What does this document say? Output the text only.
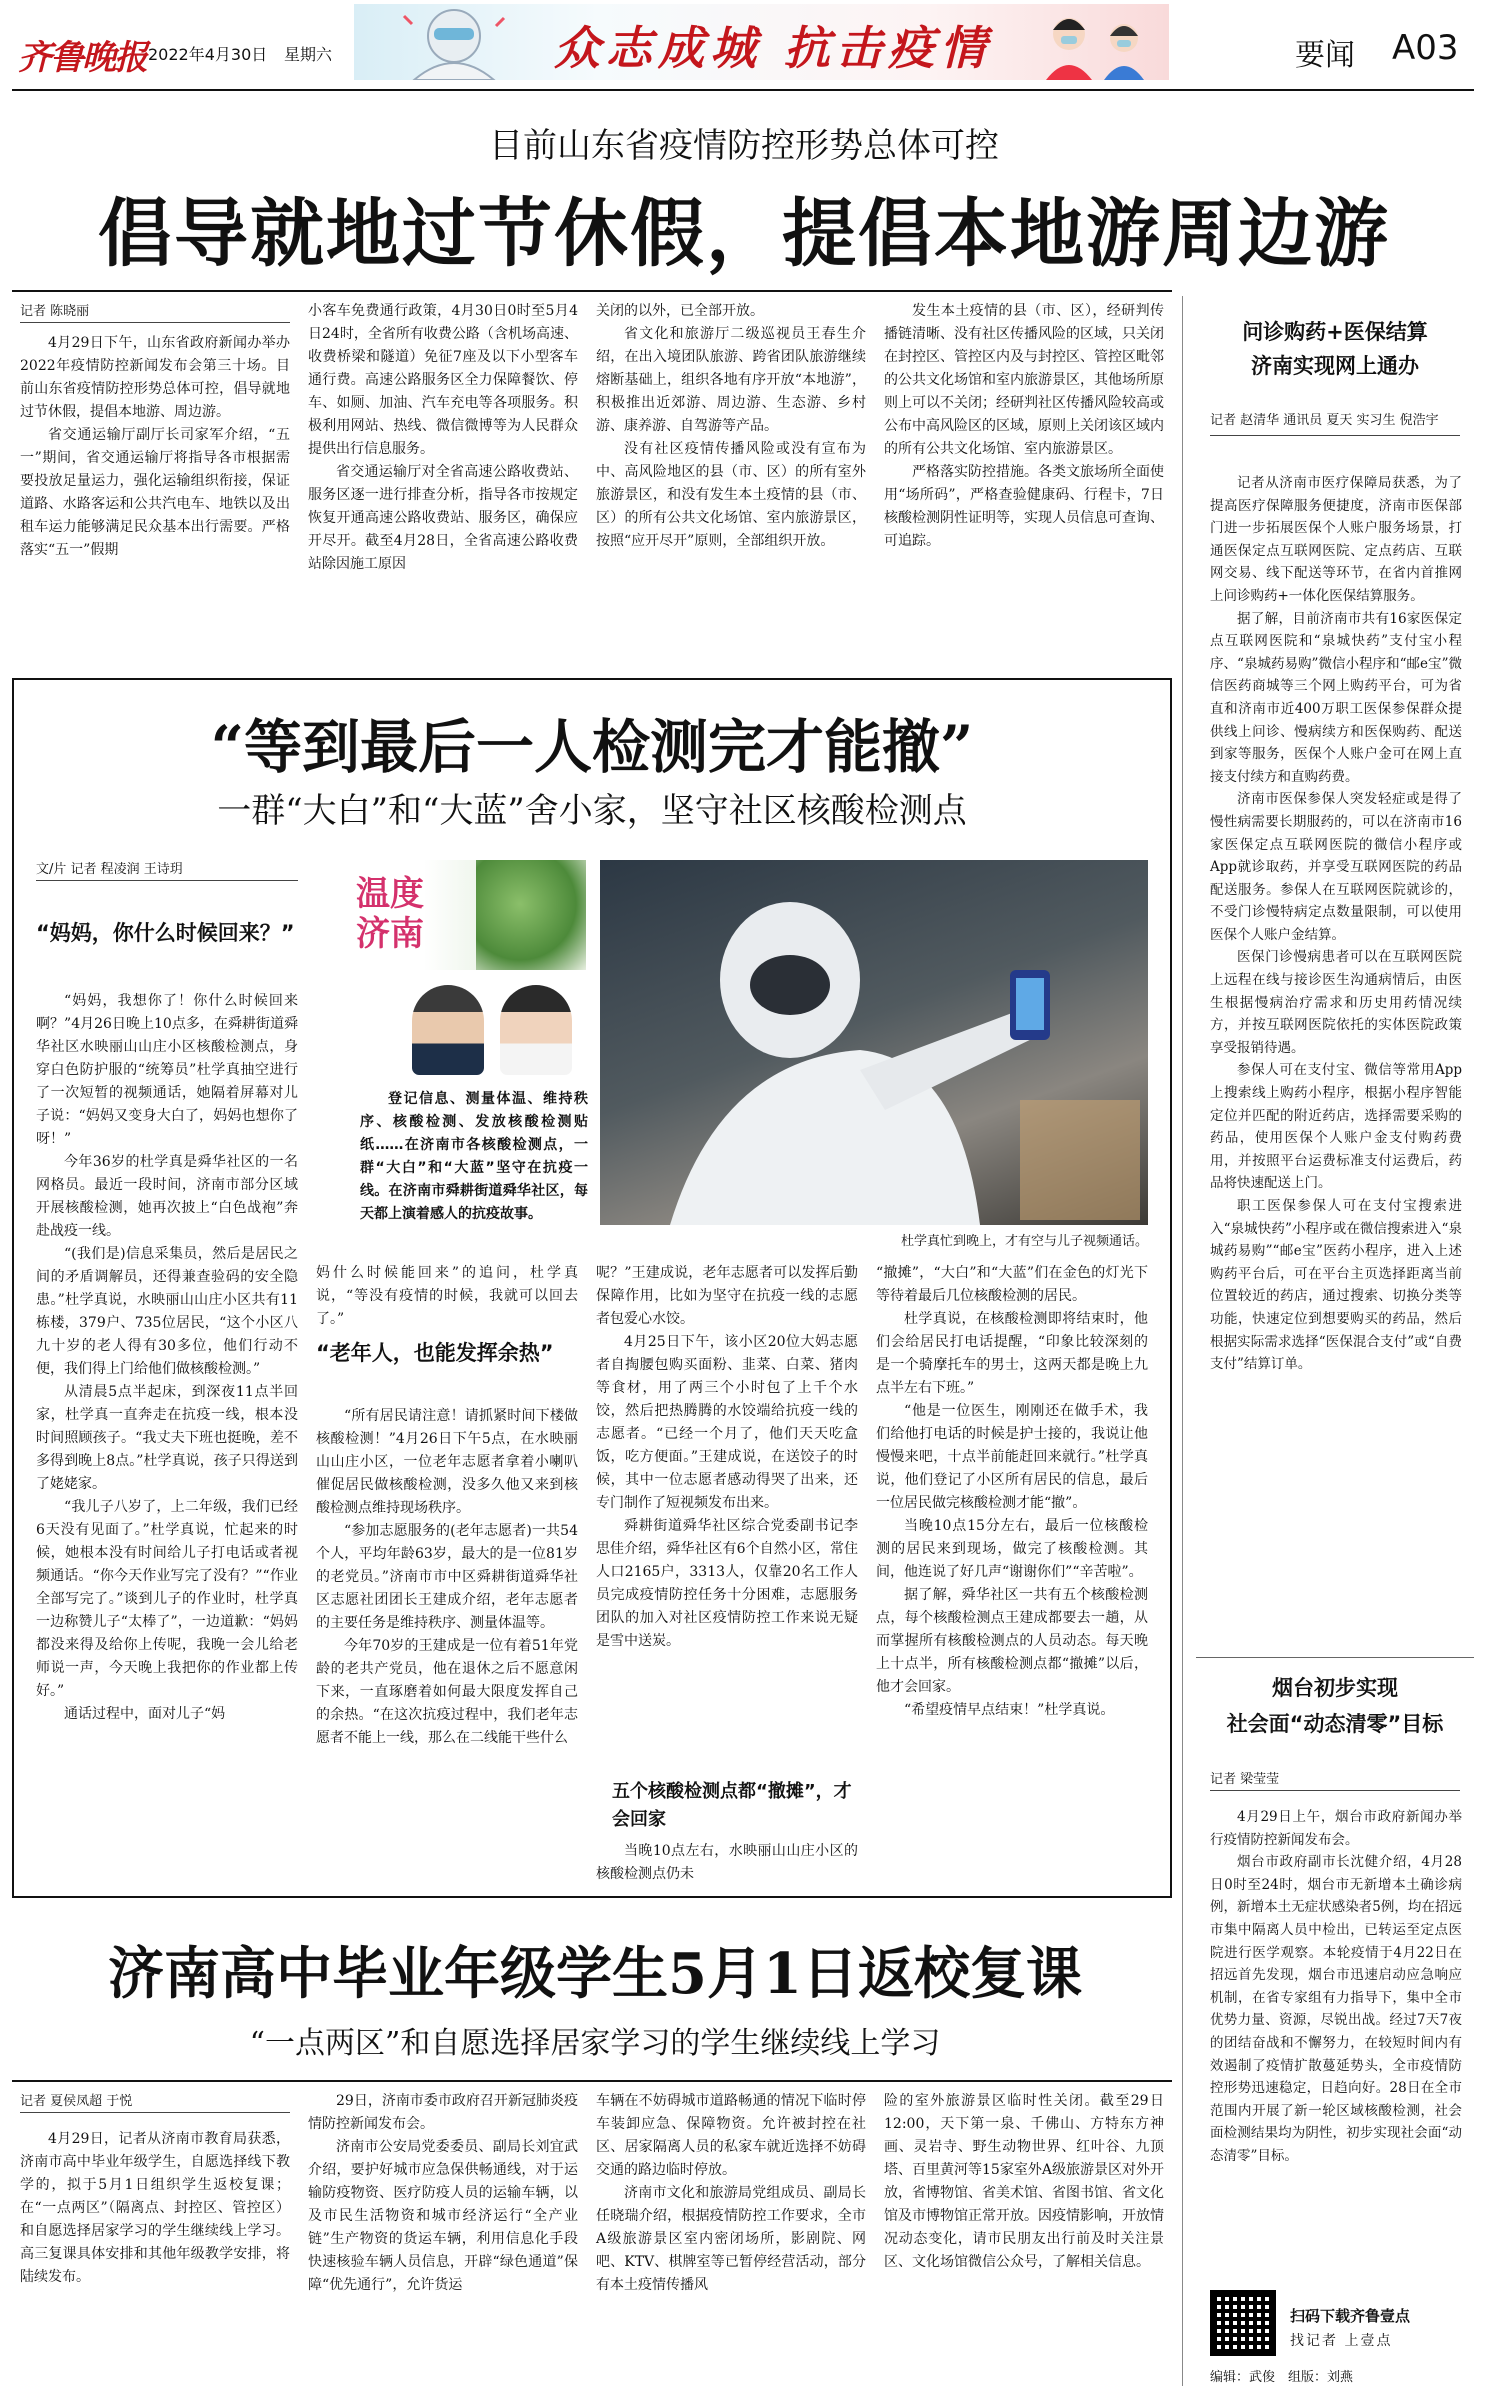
齐鲁晚报 2022年4月30日 星期六	众志成城 抗击疫情	要闻 A03
目前山东省疫情防控形势总体可控
倡导就地过节休假，提倡本地游周边游
记者 陈晓丽

4月29日下午，山东省政府新闻办举办2022年疫情防控新闻发布会第三十场。目前山东省疫情防控形势总体可控，倡导就地过节休假，提倡本地游、周边游。

省交通运输厅副厅长司家军介绍，“五一”期间，省交通运输厅将指导各市根据需要投放足量运力，强化运输组织衔接，保证道路、水路客运和公共汽电车、地铁以及出租车运力能够满足民众基本出行需要。严格落实“五一”假期

小客车免费通行政策，4月30日0时至5月4日24时，全省所有收费公路（含机场高速、收费桥梁和隧道）免征7座及以下小型客车通行费。高速公路服务区全力保障餐饮、停车、如厕、加油、汽车充电等各项服务。积极利用网站、热线、微信微博等为人民群众提供出行信息服务。

省交通运输厅对全省高速公路收费站、服务区逐一进行排查分析，指导各市按规定恢复开通高速公路收费站、服务区，确保应开尽开。截至4月28日，全省高速公路收费站除因施工原因

关闭的以外，已全部开放。

省文化和旅游厅二级巡视员王春生介绍，在出入境团队旅游、跨省团队旅游继续熔断基础上，组织各地有序开放“本地游”，积极推出近郊游、周边游、生态游、乡村游、康养游、自驾游等产品。

没有社区疫情传播风险或没有宣布为中、高风险地区的县（市、区）的所有室外旅游景区，和没有发生本土疫情的县（市、区）的所有公共文化场馆、室内旅游景区，按照“应开尽开”原则，全部组织开放。

发生本土疫情的县（市、区），经研判传播链清晰、没有社区传播风险的区域，只关闭在封控区、管控区内及与封控区、管控区毗邻的公共文化场馆和室内旅游景区，其他场所原则上可以不关闭；经研判社区传播风险较高或公布中高风险区的区域，原则上关闭该区域内的所有公共文化场馆、室内旅游景区。

严格落实防控措施。各类文旅场所全面使用“场所码”，严格查验健康码、行程卡，7日核酸检测阴性证明等，实现人员信息可查询、可追踪。

“等到最后一人检测完才能撤”
一群“大白”和“大蓝”舍小家，坚守社区核酸检测点
文/片 记者 程凌润 王诗玥
“妈妈，你什么时候回来？”

“妈妈，我想你了！你什么时候回来啊？”4月26日晚上10点多，在舜耕街道舜华社区水映丽山山庄小区核酸检测点，身穿白色防护服的“统筹员”杜学真抽空进行了一次短暂的视频通话，她隔着屏幕对儿子说：“妈妈又变身大白了，妈妈也想你了呀！”

今年36岁的杜学真是舜华社区的一名网格员。最近一段时间，济南市部分区域开展核酸检测，她再次披上“白色战袍”奔赴战疫一线。

“(我们是)信息采集员，然后是居民之间的矛盾调解员，还得兼查验码的安全隐患。”杜学真说，水映丽山山庄小区共有11栋楼，379户、735位居民，“这个小区八九十岁的老人得有30多位，他们行动不便，我们得上门给他们做核酸检测。”

从清晨5点半起床，到深夜11点半回家，杜学真一直奔走在抗疫一线，根本没时间照顾孩子。“我丈夫下班也挺晚，差不多得到晚上8点。”杜学真说，孩子只得送到了姥姥家。

“我儿子八岁了，上二年级，我们已经6天没有见面了。”杜学真说，忙起来的时候，她根本没有时间给儿子打电话或者视频通话。“你今天作业写完了没有？”“作业全部写完了。”谈到儿子的作业时，杜学真一边称赞儿子“太棒了”，一边道歉：“妈妈都没来得及给你上传呢，我晚一会儿给老师说一声，今天晚上我把你的作业都上传好。”

通话过程中，面对儿子“妈

温度济南
登记信息、测量体温、维持秩序、核酸检测、发放核酸检测贴纸……在济南市各核酸检测点，一群“大白”和“大蓝”坚守在抗疫一线。在济南市舜耕街道舜华社区，每天都上演着感人的抗疫故事。
杜学真忙到晚上，才有空与儿子视频通话。

妈什么时候能回来”的追问，杜学真说，“等没有疫情的时候，我就可以回去了。”

“老年人，也能发挥余热”

“所有居民请注意！请抓紧时间下楼做核酸检测！”4月26日下午5点，在水映丽山山庄小区，一位老年志愿者拿着小喇叭催促居民做核酸检测，没多久他又来到核酸检测点维持现场秩序。

“参加志愿服务的(老年志愿者)一共54个人，平均年龄63岁，最大的是一位81岁的老党员。”济南市市中区舜耕街道舜华社区志愿社团团长王建成介绍，老年志愿者的主要任务是维持秩序、测量体温等。

今年70岁的王建成是一位有着51年党龄的老共产党员，他在退休之后不愿意闲下来，一直琢磨着如何最大限度发挥自己的余热。“在这次抗疫过程中，我们老年志愿者不能上一线，那么在二线能干些什么

呢？”王建成说，老年志愿者可以发挥后勤保障作用，比如为坚守在抗疫一线的志愿者包爱心水饺。

4月25日下午，该小区20位大妈志愿者自掏腰包购买面粉、韭菜、白菜、猪肉等食材，用了两三个小时包了上千个水饺，然后把热腾腾的水饺端给抗疫一线的志愿者。“已经一个月了，他们天天吃盒饭，吃方便面。”王建成说，在送饺子的时候，其中一位志愿者感动得哭了出来，还专门制作了短视频发布出来。

舜耕街道舜华社区综合党委副书记李思佳介绍，舜华社区有6个自然小区，常住人口2165户，3313人，仅靠20名工作人员完成疫情防控任务十分困难，志愿服务团队的加入对社区疫情防控工作来说无疑是雪中送炭。

五个核酸检测点都“撤摊”，才会回家

当晚10点左右，水映丽山山庄小区的核酸检测点仍未

“撤摊”，“大白”和“大蓝”们在金色的灯光下等待着最后几位核酸检测的居民。

杜学真说，在核酸检测即将结束时，他们会给居民打电话提醒，“印象比较深刻的是一个骑摩托车的男士，这两天都是晚上九点半左右下班。”

“他是一位医生，刚刚还在做手术，我们给他打电话的时候是护士接的，我说让他慢慢来吧，十点半前能赶回来就行。”杜学真说，他们登记了小区所有居民的信息，最后一位居民做完核酸检测才能“撤”。

当晚10点15分左右，最后一位核酸检测的居民来到现场，做完了核酸检测。其间，他连说了好几声“谢谢你们”“辛苦啦”。

据了解，舜华社区一共有五个核酸检测点，每个核酸检测点王建成都要去一趟，从而掌握所有核酸检测点的人员动态。每天晚上十点半，所有核酸检测点都“撤摊”以后，他才会回家。

“希望疫情早点结束！”杜学真说。

济南高中毕业年级学生5月1日返校复课
“一点两区”和自愿选择居家学习的学生继续线上学习
记者 夏侯凤超 于悦

4月29日，记者从济南市教育局获悉，济南市高中毕业年级学生，自愿选择线下教学的，拟于5月1日组织学生返校复课；在“一点两区”（隔离点、封控区、管控区）和自愿选择居家学习的学生继续线上学习。高三复课具体安排和其他年级教学安排，将陆续发布。

29日，济南市委市政府召开新冠肺炎疫情防控新闻发布会。

济南市公安局党委委员、副局长刘宜武介绍，要护好城市应急保供畅通线，对于运输防疫物资、医疗防疫人员的运输车辆，以及市民生活物资和城市经济运行“全产业链”生产物资的货运车辆，利用信息化手段快速核验车辆人员信息，开辟“绿色通道”保障“优先通行”，允许货运

车辆在不妨碍城市道路畅通的情况下临时停车装卸应急、保障物资。允许被封控在社区、居家隔离人员的私家车就近选择不妨碍交通的路边临时停放。

济南市文化和旅游局党组成员、副局长任晓瑞介绍，根据疫情防控工作要求，全市A级旅游景区室内密闭场所，影剧院、网吧、KTV、棋牌室等已暂停经营活动，部分有本土疫情传播风

险的室外旅游景区临时性关闭。截至29日12:00，天下第一泉、千佛山、方特东方神画、灵岩寺、野生动物世界、红叶谷、九顶塔、百里黄河等15家室外A级旅游景区对外开放，省博物馆、省美术馆、省图书馆、省文化馆及市博物馆正常开放。因疫情影响，开放情况动态变化，请市民朋友出行前及时关注景区、文化场馆微信公众号，了解相关信息。

问诊购药+医保结算
济南实现网上通办
记者 赵清华 通讯员 夏天 实习生 倪浩宇

记者从济南市医疗保障局获悉，为了提高医疗保障服务便捷度，济南市医保部门进一步拓展医保个人账户服务场景，打通医保定点互联网医院、定点药店、互联网交易、线下配送等环节，在省内首推网上问诊购药+一体化医保结算服务。

据了解，目前济南市共有16家医保定点互联网医院和“泉城快药”支付宝小程序、“泉城药易购”微信小程序和“邮e宝”微信医药商城等三个网上购药平台，可为省直和济南市近400万职工医保参保群众提供线上问诊、慢病续方和医保购药、配送到家等服务，医保个人账户金可在网上直接支付续方和直购药费。

济南市医保参保人突发轻症或是得了慢性病需要长期服药的，可以在济南市16家医保定点互联网医院的微信小程序或App就诊取药，并享受互联网医院的药品配送服务。参保人在互联网医院就诊的，不受门诊慢特病定点数量限制，可以使用医保个人账户金结算。

医保门诊慢病患者可以在互联网医院上远程在线与接诊医生沟通病情后，由医生根据慢病治疗需求和历史用药情况续方，并按互联网医院依托的实体医院政策享受报销待遇。

参保人可在支付宝、微信等常用App上搜索线上购药小程序，根据小程序智能定位并匹配的附近药店，选择需要采购的药品，使用医保个人账户金支付购药费用，并按照平台运费标准支付运费后，药品将快速配送上门。

职工医保参保人可在支付宝搜索进入“泉城快药”小程序或在微信搜索进入“泉城药易购”“邮e宝”医药小程序，进入上述购药平台后，可在平台主页选择距离当前位置较近的药店，通过搜索、切换分类等功能，快速定位到想要购买的药品，然后根据实际需求选择“医保混合支付”或“自费支付”结算订单。

烟台初步实现
社会面“动态清零”目标
记者 梁莹莹

4月29日上午，烟台市政府新闻办举行疫情防控新闻发布会。

烟台市政府副市长沈健介绍，4月28日0时至24时，烟台市无新增本土确诊病例，新增本土无症状感染者5例，均在招远市集中隔离人员中检出，已转运至定点医院进行医学观察。本轮疫情于4月22日在招远首先发现，烟台市迅速启动应急响应机制，在省专家组有力指导下，集中全市优势力量、资源，尽锐出战。经过7天7夜的团结奋战和不懈努力，在较短时间内有效遏制了疫情扩散蔓延势头，全市疫情防控形势迅速稳定，日趋向好。28日在全市范围内开展了新一轮区域核酸检测，社会面检测结果均为阴性，初步实现社会面“动态清零”目标。

扫码下载齐鲁壹点
找记者 上壹点
编辑：武俊　组版：刘燕
